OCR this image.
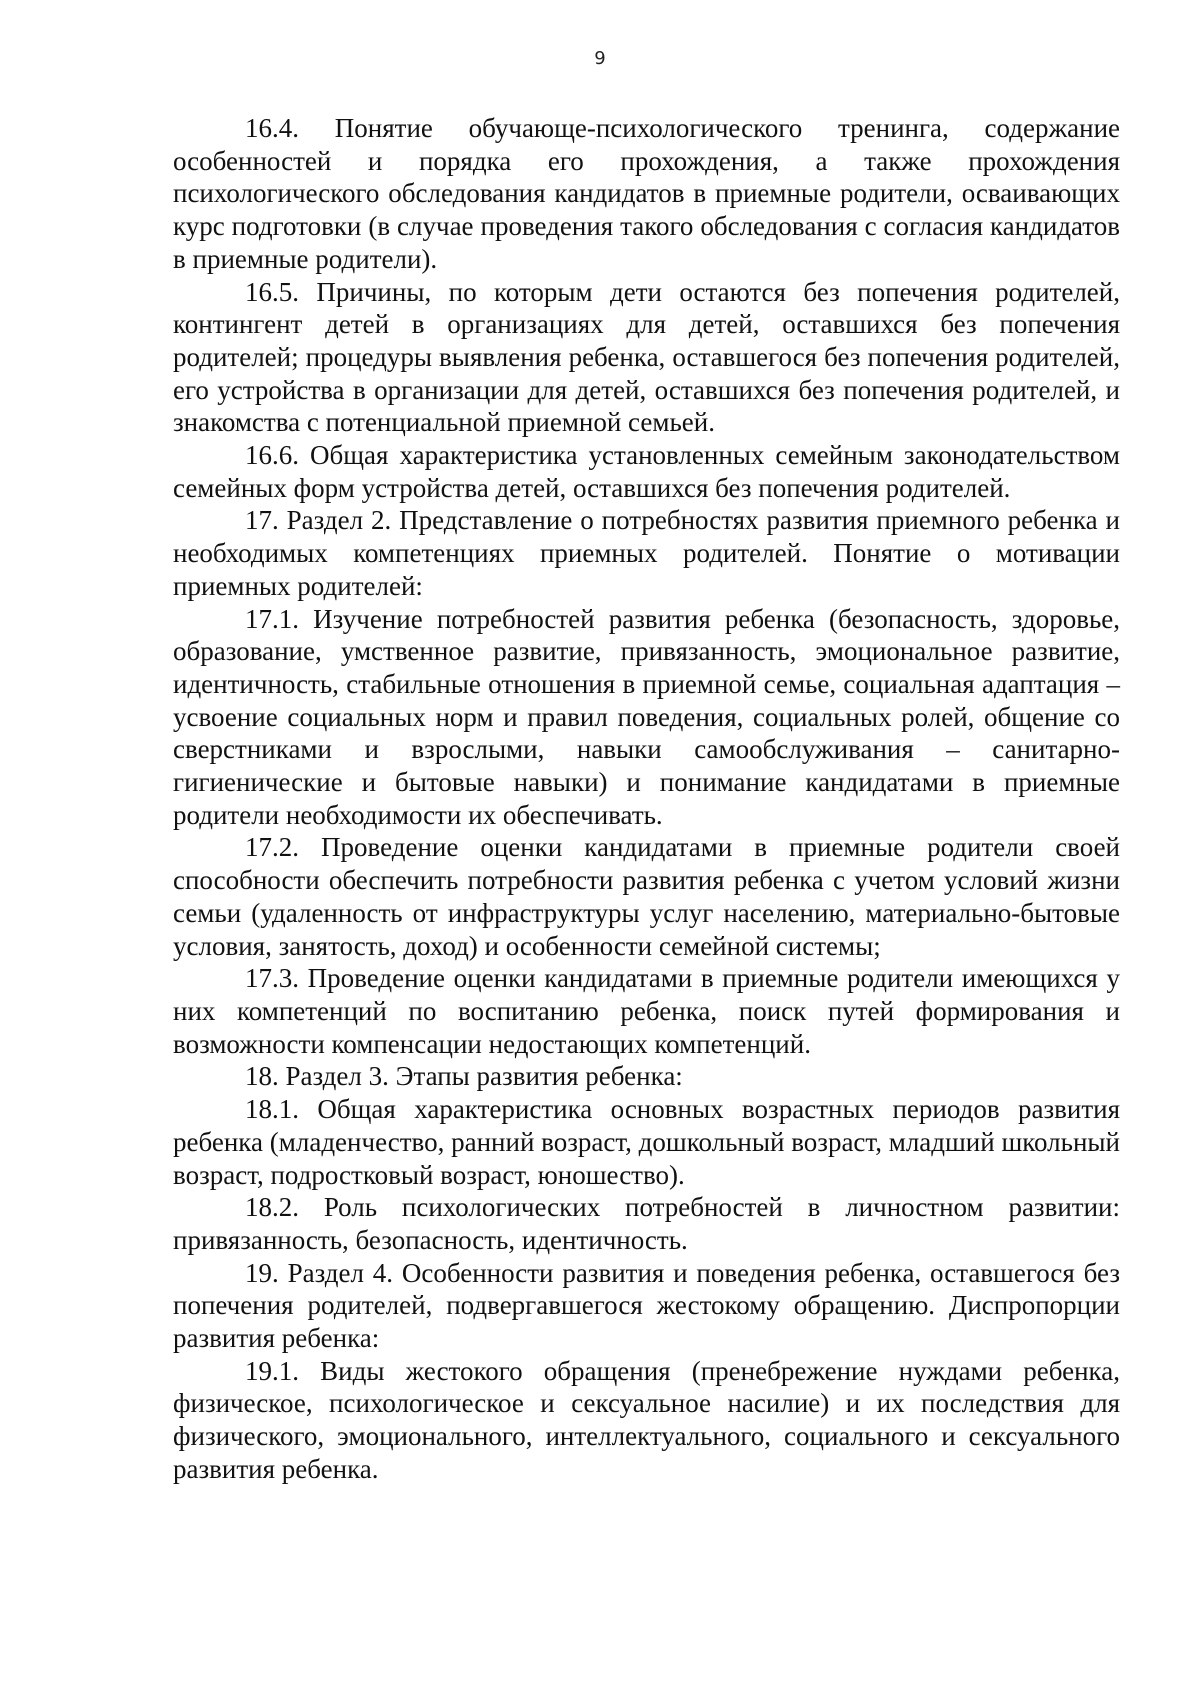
9

16.4. Понятие обучающе-психологического тренинга, содержание особенностей и порядка его прохождения, а также прохождения психологического обследования кандидатов в приемные родители, осваивающих курс подготовки (в случае проведения такого обследования с согласия кандидатов в приемные родители).

16.5. Причины, по которым дети остаются без попечения родителей, контингент детей в организациях для детей, оставшихся без попечения родителей; процедуры выявления ребенка, оставшегося без попечения родителей, его устройства в организации для детей, оставшихся без попечения родителей, и знакомства с потенциальной приемной семьей.

16.6. Общая характеристика установленных семейным законодательством семейных форм устройства детей, оставшихся без попечения родителей.

17. Раздел 2. Представление о потребностях развития приемного ребенка и необходимых компетенциях приемных родителей. Понятие о мотивации приемных родителей:

17.1. Изучение потребностей развития ребенка (безопасность, здоровье, образование, умственное развитие, привязанность, эмоциональное развитие, идентичность, стабильные отношения в приемной семье, социальная адаптация – усвоение социальных норм и правил поведения, социальных ролей, общение со сверстниками и взрослыми, навыки самообслуживания – санитарно-гигиенические и бытовые навыки) и понимание кандидатами в приемные родители необходимости их обеспечивать.

17.2. Проведение оценки кандидатами в приемные родители своей способности обеспечить потребности развития ребенка с учетом условий жизни семьи (удаленность от инфраструктуры услуг населению, материально-бытовые условия, занятость, доход) и особенности семейной системы;

17.3. Проведение оценки кандидатами в приемные родители имеющихся у них компетенций по воспитанию ребенка, поиск путей формирования и возможности компенсации недостающих компетенций.

18. Раздел 3. Этапы развития ребенка:

18.1. Общая характеристика основных возрастных периодов развития ребенка (младенчество, ранний возраст, дошкольный возраст, младший школьный возраст, подростковый возраст, юношество).

18.2. Роль психологических потребностей в личностном развитии: привязанность, безопасность, идентичность.

19. Раздел 4. Особенности развития и поведения ребенка, оставшегося без попечения родителей, подвергавшегося жестокому обращению. Диспропорции развития ребенка:

19.1. Виды жестокого обращения (пренебрежение нуждами ребенка, физическое, психологическое и сексуальное насилие) и их последствия для физического, эмоционального, интеллектуального, социального и сексуального развития ребенка.
